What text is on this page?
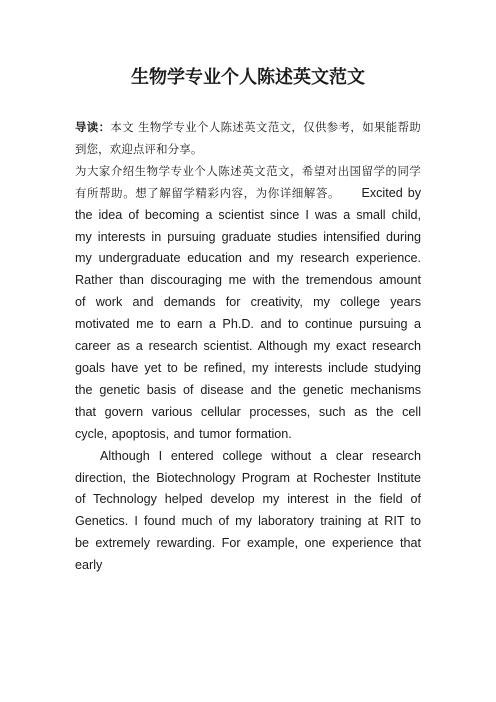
生物学专业个人陈述英文范文

导读：本文 生物学专业个人陈述英文范文，仅供参考，如果能帮助到您，欢迎点评和分享。

为大家介绍生物学专业个人陈述英文范文，希望对出国留学的同学有所帮助。想了解留学精彩内容，为你详细解答。 Excited by the idea of becoming a scientist since I was a small child, my interests in pursuing graduate studies intensified during my undergraduate education and my research experience. Rather than discouraging me with the tremendous amount of work and demands for creativity, my college years motivated me to earn a Ph.D. and to continue pursuing a career as a research scientist. Although my exact research goals have yet to be refined, my interests include studying the genetic basis of disease and the genetic mechanisms that govern various cellular processes, such as the cell cycle, apoptosis, and tumor formation.

Although I entered college without a clear research direction, the Biotechnology Program at Rochester Institute of Technology helped develop my interest in the field of Genetics. I found much of my laboratory training at RIT to be extremely rewarding. For example, one experience that early
